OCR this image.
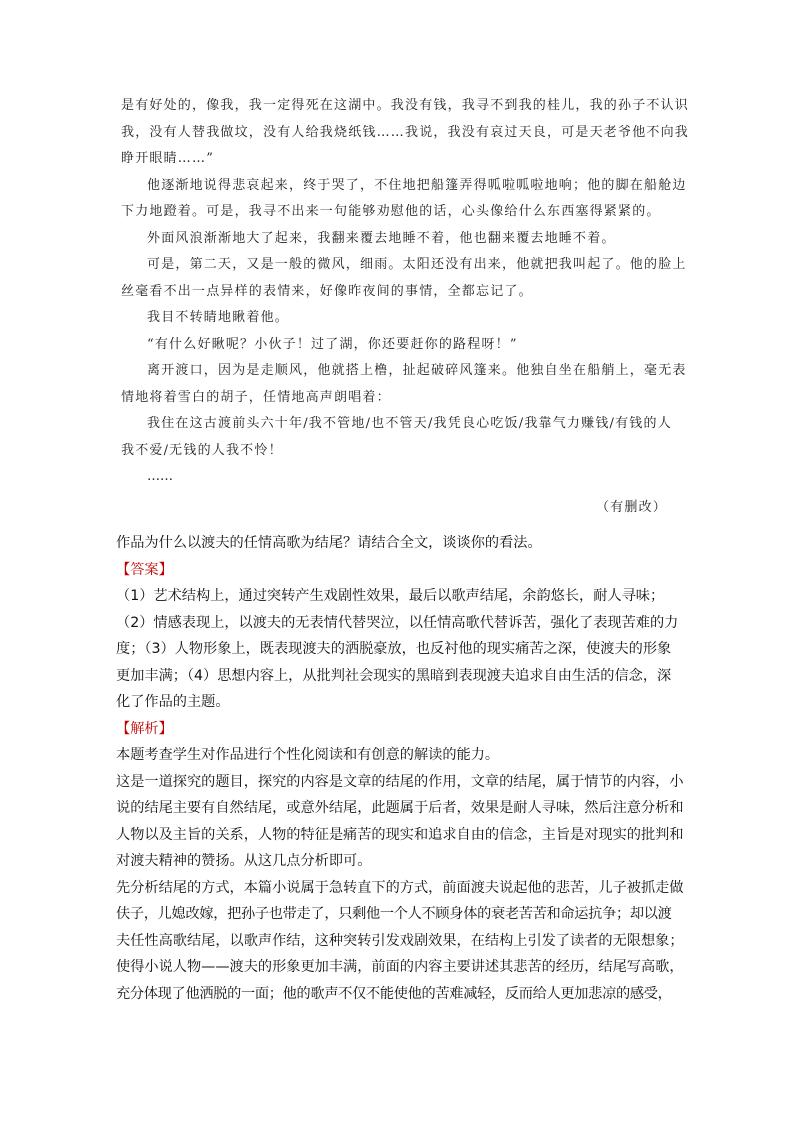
是有好处的，像我，我一定得死在这湖中。我没有钱，我寻不到我的桂儿，我的孙子不认识

我，没有人替我做坟，没有人给我烧纸钱……我说，我没有哀过天良，可是天老爷他不向我

睁开眼睛……”

他逐渐地说得悲哀起来，终于哭了，不住地把船篷弄得呱啦呱啦地响；他的脚在船舱边

下力地蹬着。可是，我寻不出来一句能够劝慰他的话，心头像给什么东西塞得紧紧的。

外面风浪渐渐地大了起来，我翻来覆去地睡不着，他也翻来覆去地睡不着。

可是，第二天，又是一般的微风，细雨。太阳还没有出来，他就把我叫起了。他的脸上

丝毫看不出一点异样的表情来，好像昨夜间的事情，全都忘记了。

我目不转睛地瞅着他。

“有什么好瞅呢？小伙子！过了湖，你还要赶你的路程呀！”

离开渡口，因为是走顺风，他就搭上橹，扯起破碎风篷来。他独自坐在船艄上，毫无表

情地将着雪白的胡子，任情地高声朗唱着：

我住在这古渡前头六十年/我不管地/也不管天/我凭良心吃饭/我靠气力赚钱/有钱的人

我不爱/无钱的人我不怜！

……

（有删改）

作品为什么以渡夫的任情高歌为结尾？请结合全文，谈谈你的看法。

【答案】

（1）艺术结构上，通过突转产生戏剧性效果，最后以歌声结尾，余韵悠长，耐人寻味；

（2）情感表现上，以渡夫的无表情代替哭泣，以任情高歌代替诉苦，强化了表现苦难的力

度；（3）人物形象上，既表现渡夫的洒脱豪放，也反衬他的现实痛苦之深，使渡夫的形象

更加丰满；（4）思想内容上，从批判社会现实的黑暗到表现渡夫追求自由生活的信念，深

化了作品的主题。

【解析】

本题考查学生对作品进行个性化阅读和有创意的解读的能力。

这是一道探究的题目，探究的内容是文章的结尾的作用，文章的结尾，属于情节的内容，小

说的结尾主要有自然结尾，或意外结尾，此题属于后者，效果是耐人寻味，然后注意分析和

人物以及主旨的关系，人物的特征是痛苦的现实和追求自由的信念，主旨是对现实的批判和

对渡夫精神的赞扬。从这几点分析即可。

先分析结尾的方式，本篇小说属于急转直下的方式，前面渡夫说起他的悲苦，儿子被抓走做

伕子，儿媳改嫁，把孙子也带走了，只剩他一个人不顾身体的衰老苦苦和命运抗争；却以渡

夫任性高歌结尾，以歌声作结，这种突转引发戏剧效果，在结构上引发了读者的无限想象；

使得小说人物——渡夫的形象更加丰满，前面的内容主要讲述其悲苦的经历，结尾写高歌，

充分体现了他洒脱的一面；他的歌声不仅不能使他的苦难减轻，反而给人更加悲凉的感受，
